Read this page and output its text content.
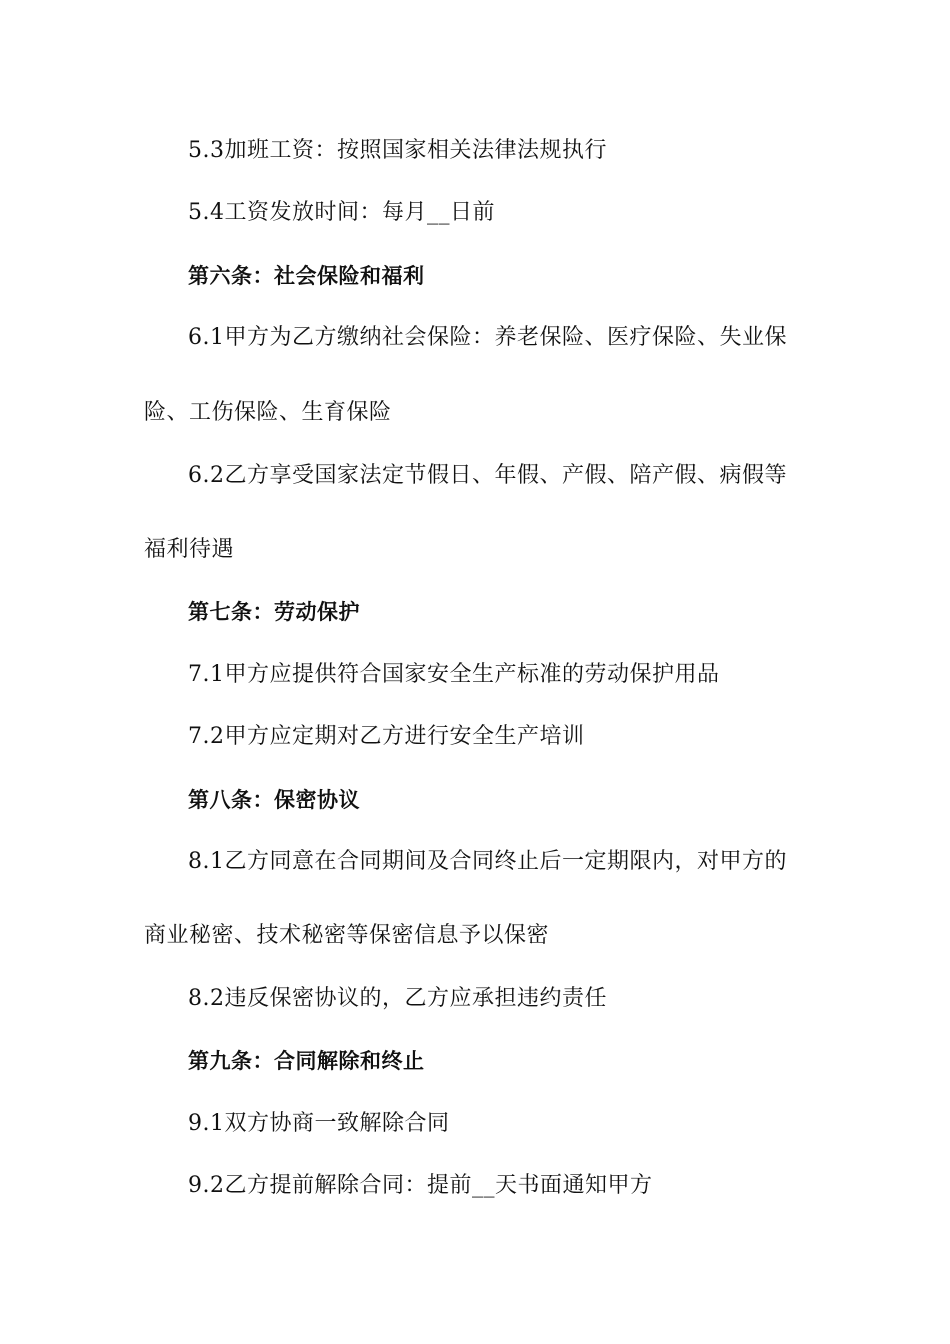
5.3加班工资：按照国家相关法律法规执行
5.4工资发放时间：每月__日前
第六条：社会保险和福利
6.1甲方为乙方缴纳社会保险：养老保险、医疗保险、失业保
险、工伤保险、生育保险
6.2乙方享受国家法定节假日、年假、产假、陪产假、病假等
福利待遇
第七条：劳动保护
7.1甲方应提供符合国家安全生产标准的劳动保护用品
7.2甲方应定期对乙方进行安全生产培训
第八条：保密协议
8.1乙方同意在合同期间及合同终止后一定期限内，对甲方的
商业秘密、技术秘密等保密信息予以保密
8.2违反保密协议的，乙方应承担违约责任
第九条：合同解除和终止
9.1双方协商一致解除合同
9.2乙方提前解除合同：提前__天书面通知甲方
